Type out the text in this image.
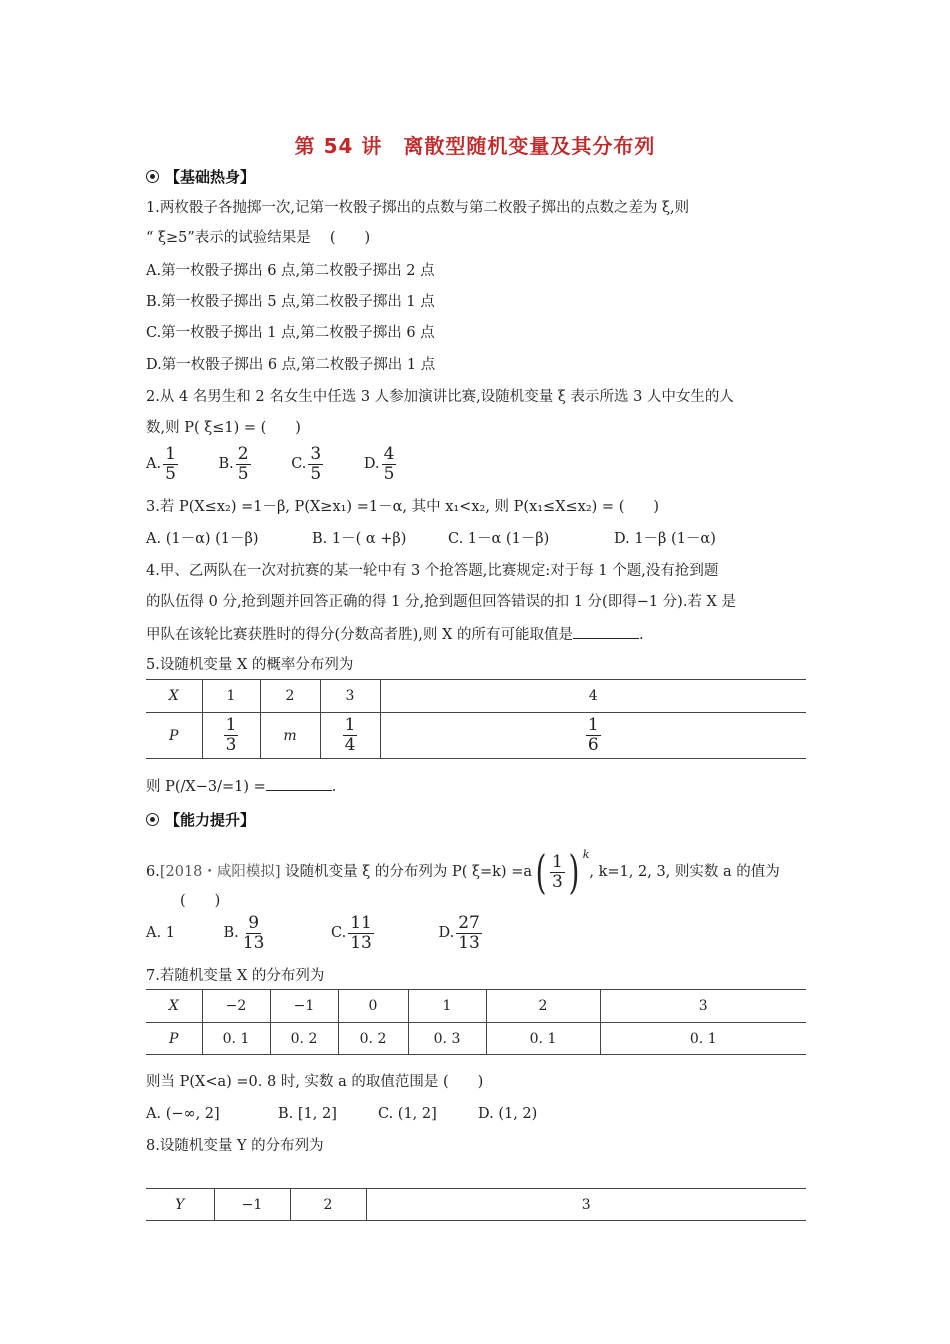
第 54 讲　离散型随机变量及其分布列
【基础热身】
1.两枚骰子各抛掷一次,记第一枚骰子掷出的点数与第二枚骰子掷出的点数之差为 ξ,则
“ ξ≥5”表示的试验结果是　 (　　)
A.第一枚骰子掷出 6 点,第二枚骰子掷出 2 点
B.第一枚骰子掷出 5 点,第二枚骰子掷出 1 点
C.第一枚骰子掷出 1 点,第二枚骰子掷出 6 点
D.第一枚骰子掷出 6 点,第二枚骰子掷出 1 点
2.从 4 名男生和 2 名女生中任选 3 人参加演讲比赛,设随机变量 ξ 表示所选 3 人中女生的人
数,则 P( ξ≤1) = (　　)
A. $\frac{1}{5}$	B. $\frac{2}{5}$	C. $\frac{3}{5}$	D. $\frac{4}{5}$
3.若 P(X≤x₂) =1－β, P(X≥x₁) =1－α, 其中 x₁<x₂, 则 P(x₁≤X≤x₂) = (　　)
A. (1－α) (1－β)	B. 1－( α +β)	C. 1－α (1－β)	D. 1－β (1－α)
4.甲、乙两队在一次对抗赛的某一轮中有 3 个抢答题,比赛规定:对于每 1 个题,没有抢到题
的队伍得 0 分,抢到题并回答正确的得 1 分,抢到题但回答错误的扣 1 分(即得−1 分).若 X 是
甲队在该轮比赛获胜时的得分(分数高者胜),则 X 的所有可能取值是	.
5.设随机变量 X 的概率分布列为
X	1	2	3	4
P	$\frac{1}{3}$	m	$\frac{1}{4}$	$\frac{1}{6}$
则 P(/X−3/=1) =	.
【能力提升】
6.[2018・咸阳模拟] 设随机变量 ξ 的分布列为 P( $\xi=k) =a( \frac{1}{3}$ ) $^k$, k=1, 2, 3, 则实数 a 的值为
(　　)
A. 1	B. $\frac{9}{13}$	C. $\frac{11}{13}$	D. $\frac{27}{13}$
7.若随机变量 X 的分布列为
X	−2	−1	0	1	2	3
P	0. 1	0. 2	0. 2	0. 3	0. 1	0. 1
则当 P(X<a) =0. 8 时, 实数 a 的取值范围是 (　　)
A. (−∞, 2]	B. [1, 2]	C. (1, 2]	D. (1, 2)
8.设随机变量 Y 的分布列为
Y	−1	2	3
